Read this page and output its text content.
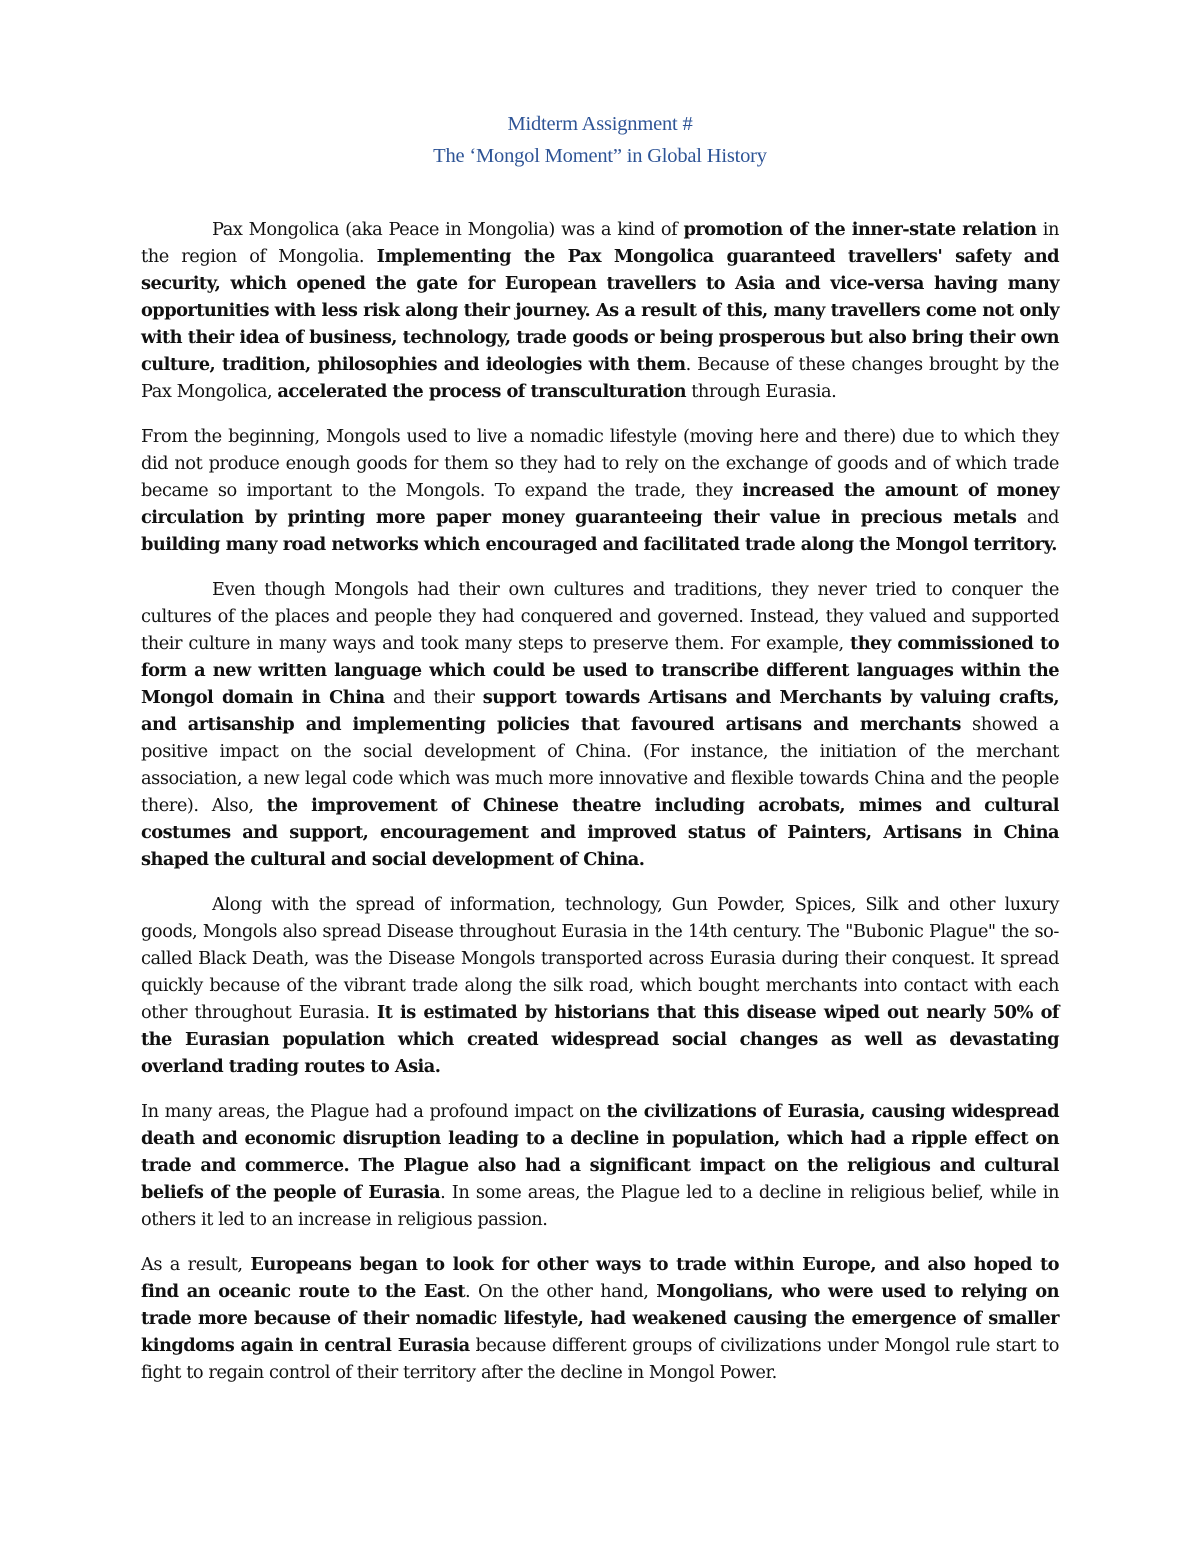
Midterm Assignment #
The ‘Mongol Moment” in Global History

Pax Mongolica (aka Peace in Mongolia) was a kind of promotion of the inner-state relation in the region of Mongolia. Implementing the Pax Mongolica guaranteed travellers' safety and security, which opened the gate for European travellers to Asia and vice-versa having many opportunities with less risk along their journey. As a result of this, many travellers come not only with their idea of business, technology, trade goods or being prosperous but also bring their own culture, tradition, philosophies and ideologies with them. Because of these changes brought by the Pax Mongolica, accelerated the process of transculturation through Eurasia.

From the beginning, Mongols used to live a nomadic lifestyle (moving here and there) due to which they did not produce enough goods for them so they had to rely on the exchange of goods and of which trade became so important to the Mongols. To expand the trade, they increased the amount of money circulation by printing more paper money guaranteeing their value in precious metals and building many road networks which encouraged and facilitated trade along the Mongol territory.

Even though Mongols had their own cultures and traditions, they never tried to conquer the cultures of the places and people they had conquered and governed. Instead, they valued and supported their culture in many ways and took many steps to preserve them. For example, they commissioned to form a new written language which could be used to transcribe different languages within the Mongol domain in China and their support towards Artisans and Merchants by valuing crafts, and artisanship and implementing policies that favoured artisans and merchants showed a positive impact on the social development of China. (For instance, the initiation of the merchant association, a new legal code which was much more innovative and flexible towards China and the people there). Also, the improvement of Chinese theatre including acrobats, mimes and cultural costumes and support, encouragement and improved status of Painters, Artisans in China shaped the cultural and social development of China.

Along with the spread of information, technology, Gun Powder, Spices, Silk and other luxury goods, Mongols also spread Disease throughout Eurasia in the 14th century. The "Bubonic Plague" the so-called Black Death, was the Disease Mongols transported across Eurasia during their conquest. It spread quickly because of the vibrant trade along the silk road, which bought merchants into contact with each other throughout Eurasia. It is estimated by historians that this disease wiped out nearly 50% of the Eurasian population which created widespread social changes as well as devastating overland trading routes to Asia.

In many areas, the Plague had a profound impact on the civilizations of Eurasia, causing widespread death and economic disruption leading to a decline in population, which had a ripple effect on trade and commerce. The Plague also had a significant impact on the religious and cultural beliefs of the people of Eurasia. In some areas, the Plague led to a decline in religious belief, while in others it led to an increase in religious passion.

As a result, Europeans began to look for other ways to trade within Europe, and also hoped to find an oceanic route to the East. On the other hand, Mongolians, who were used to relying on trade more because of their nomadic lifestyle, had weakened causing the emergence of smaller kingdoms again in central Eurasia because different groups of civilizations under Mongol rule start to fight to regain control of their territory after the decline in Mongol Power.
